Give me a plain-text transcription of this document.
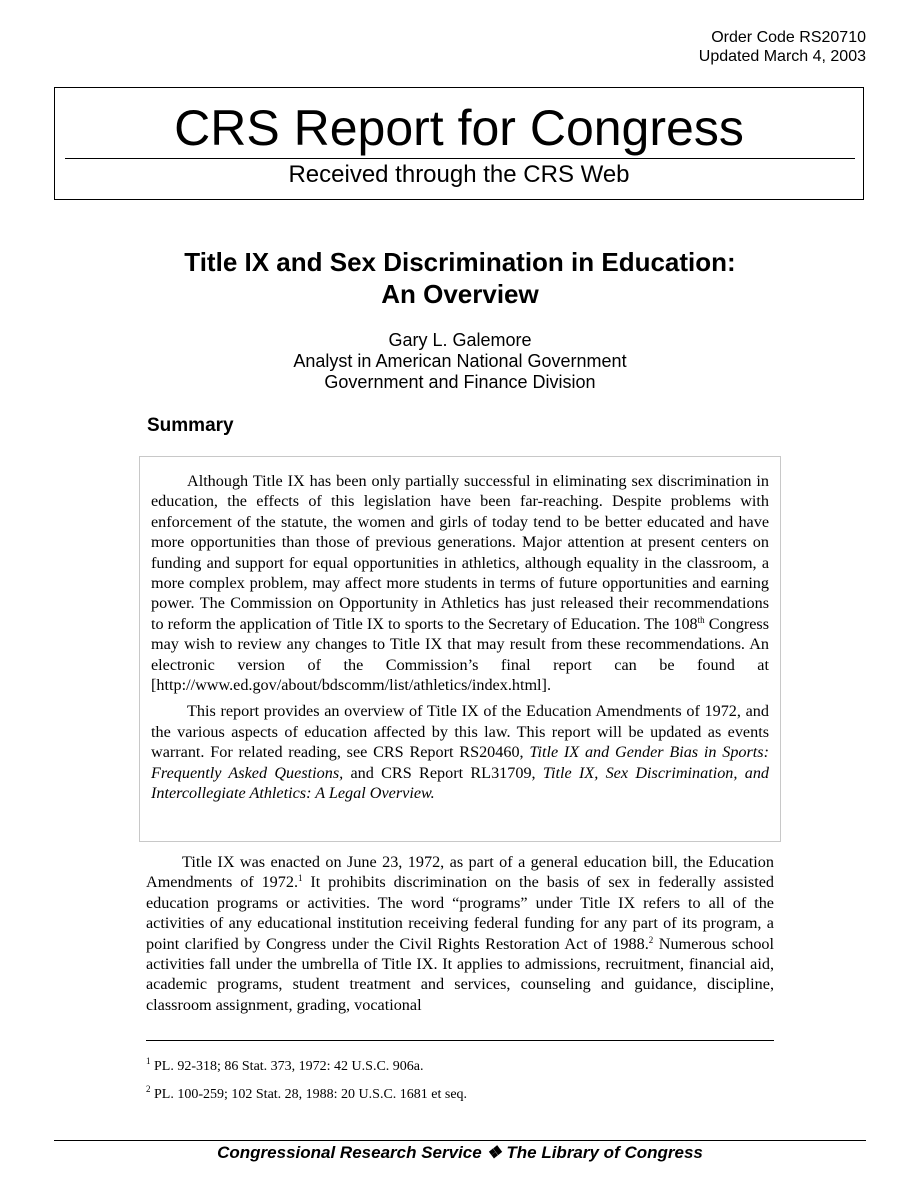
Order Code RS20710
Updated March 4, 2003
CRS Report for Congress
Received through the CRS Web
Title IX and Sex Discrimination in Education:
An Overview
Gary L. Galemore
Analyst in American National Government
Government and Finance Division
Summary

Although Title IX has been only partially successful in eliminating sex discrimination in education, the effects of this legislation have been far-reaching. Despite problems with enforcement of the statute, the women and girls of today tend to be better educated and have more opportunities than those of previous generations. Major attention at present centers on funding and support for equal opportunities in athletics, although equality in the classroom, a more complex problem, may affect more students in terms of future opportunities and earning power. The Commission on Opportunity in Athletics has just released their recommendations to reform the application of Title IX to sports to the Secretary of Education. The 108th Congress may wish to review any changes to Title IX that may result from these recommendations. An electronic version of the Commission’s final report can be found at [http://www.ed.gov/about/bdscomm/list/athletics/index.html].

This report provides an overview of Title IX of the Education Amendments of 1972, and the various aspects of education affected by this law. This report will be updated as events warrant. For related reading, see CRS Report RS20460, Title IX and Gender Bias in Sports: Frequently Asked Questions, and CRS Report RL31709, Title IX, Sex Discrimination, and Intercollegiate Athletics: A Legal Overview.

Title IX was enacted on June 23, 1972, as part of a general education bill, the Education Amendments of 1972.$^1$ It prohibits discrimination on the basis of sex in federally assisted education programs or activities. The word “programs” under Title IX refers to all of the activities of any educational institution receiving federal funding for any part of its program, a point clarified by Congress under the Civil Rights Restoration Act of 1988.$^2$ Numerous school activities fall under the umbrella of Title IX. It applies to admissions, recruitment, financial aid, academic programs, student treatment and services, counseling and guidance, discipline, classroom assignment, grading, vocational

$^1$ PL. 92-318; 86 Stat. 373, 1972: 42 U.S.C. 906a.
$^2$ PL. 100-259; 102 Stat. 28, 1988: 20 U.S.C. 1681 et seq.
Congressional Research Service ❖ The Library of Congress
